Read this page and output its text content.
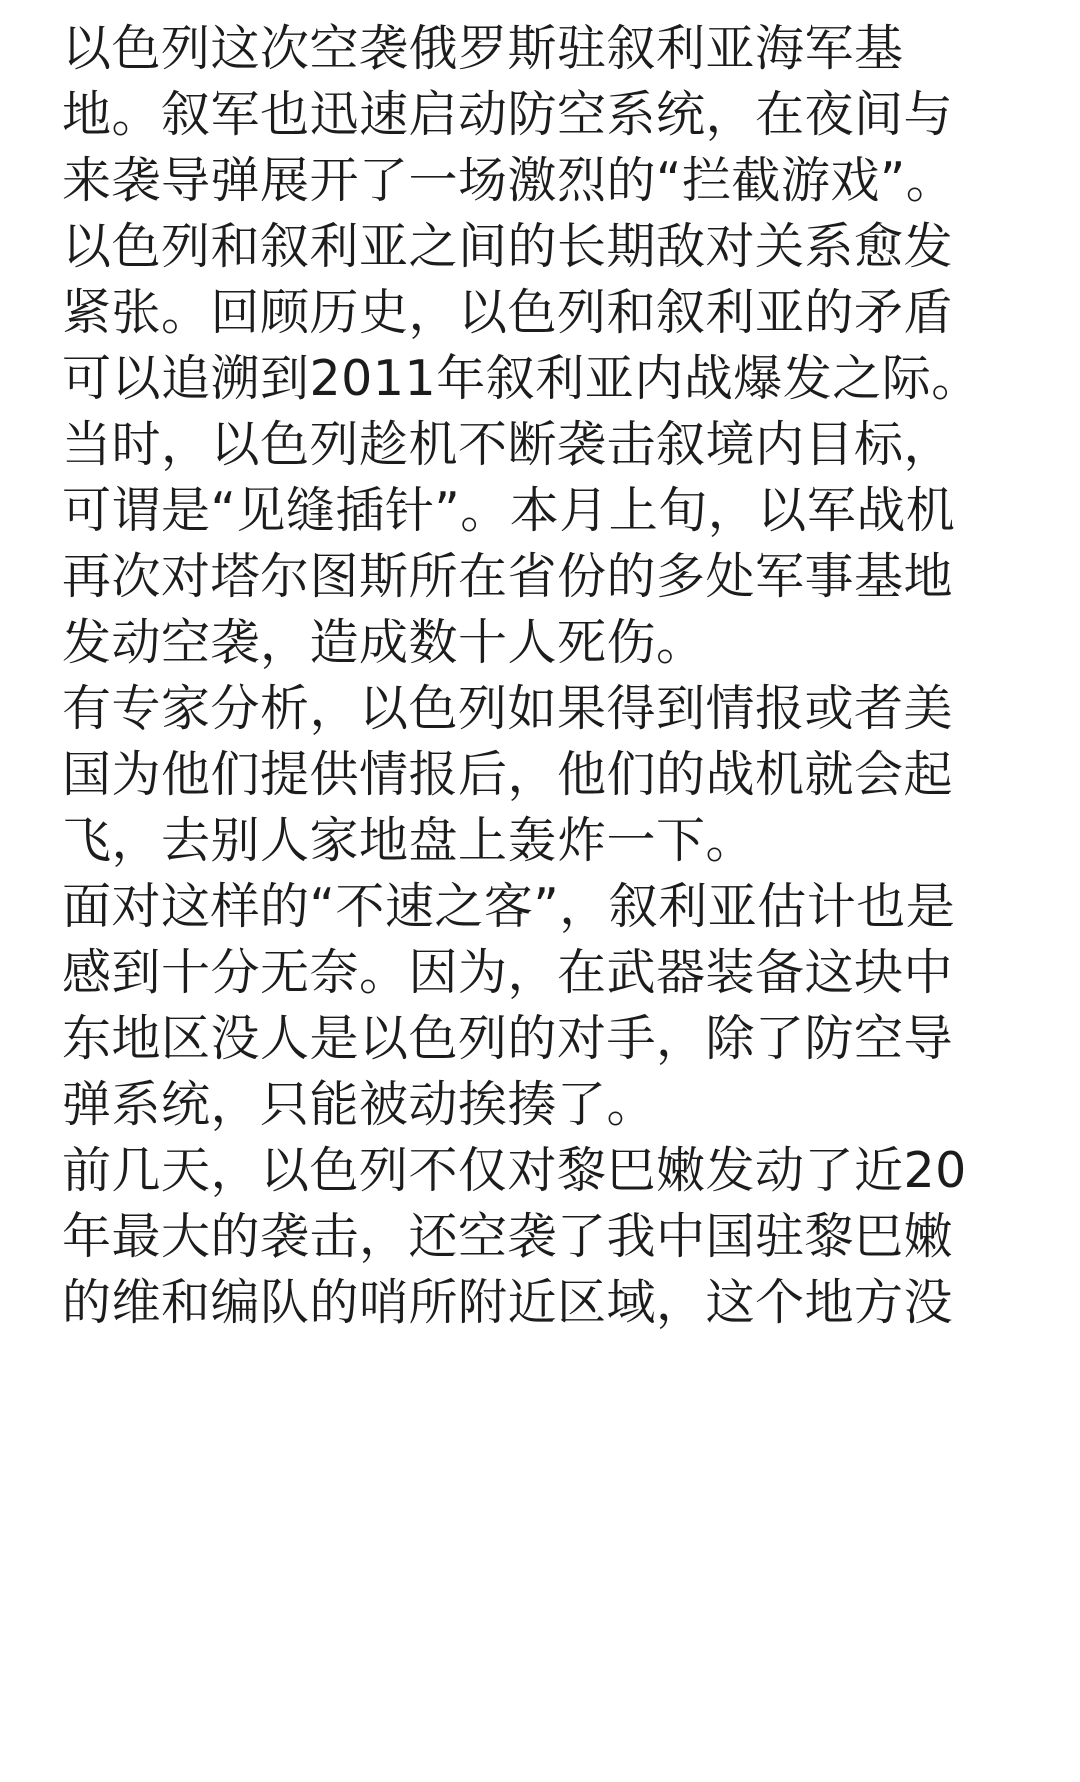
以色列这次空袭俄罗斯驻叙利亚海军基
地。叙军也迅速启动防空系统，在夜间与
来袭导弹展开了一场激烈的“拦截游戏”。

以色列和叙利亚之间的长期敌对关系愈发
紧张。回顾历史，以色列和叙利亚的矛盾
可以追溯到2011年叙利亚内战爆发之际。

当时，以色列趁机不断袭击叙境内目标，
可谓是“见缝插针”。本月上旬，以军战机
再次对塔尔图斯所在省份的多处军事基地
发动空袭，造成数十人死伤。

有专家分析，以色列如果得到情报或者美
国为他们提供情报后，他们的战机就会起
飞，去别人家地盘上轰炸一下。

面对这样的“不速之客”，叙利亚估计也是
感到十分无奈。因为，在武器装备这块中
东地区没人是以色列的对手，除了防空导
弹系统，只能被动挨揍了。

前几天，以色列不仅对黎巴嫩发动了近20
年最大的袭击，还空袭了我中国驻黎巴嫩
的维和编队的哨所附近区域，这个地方没
